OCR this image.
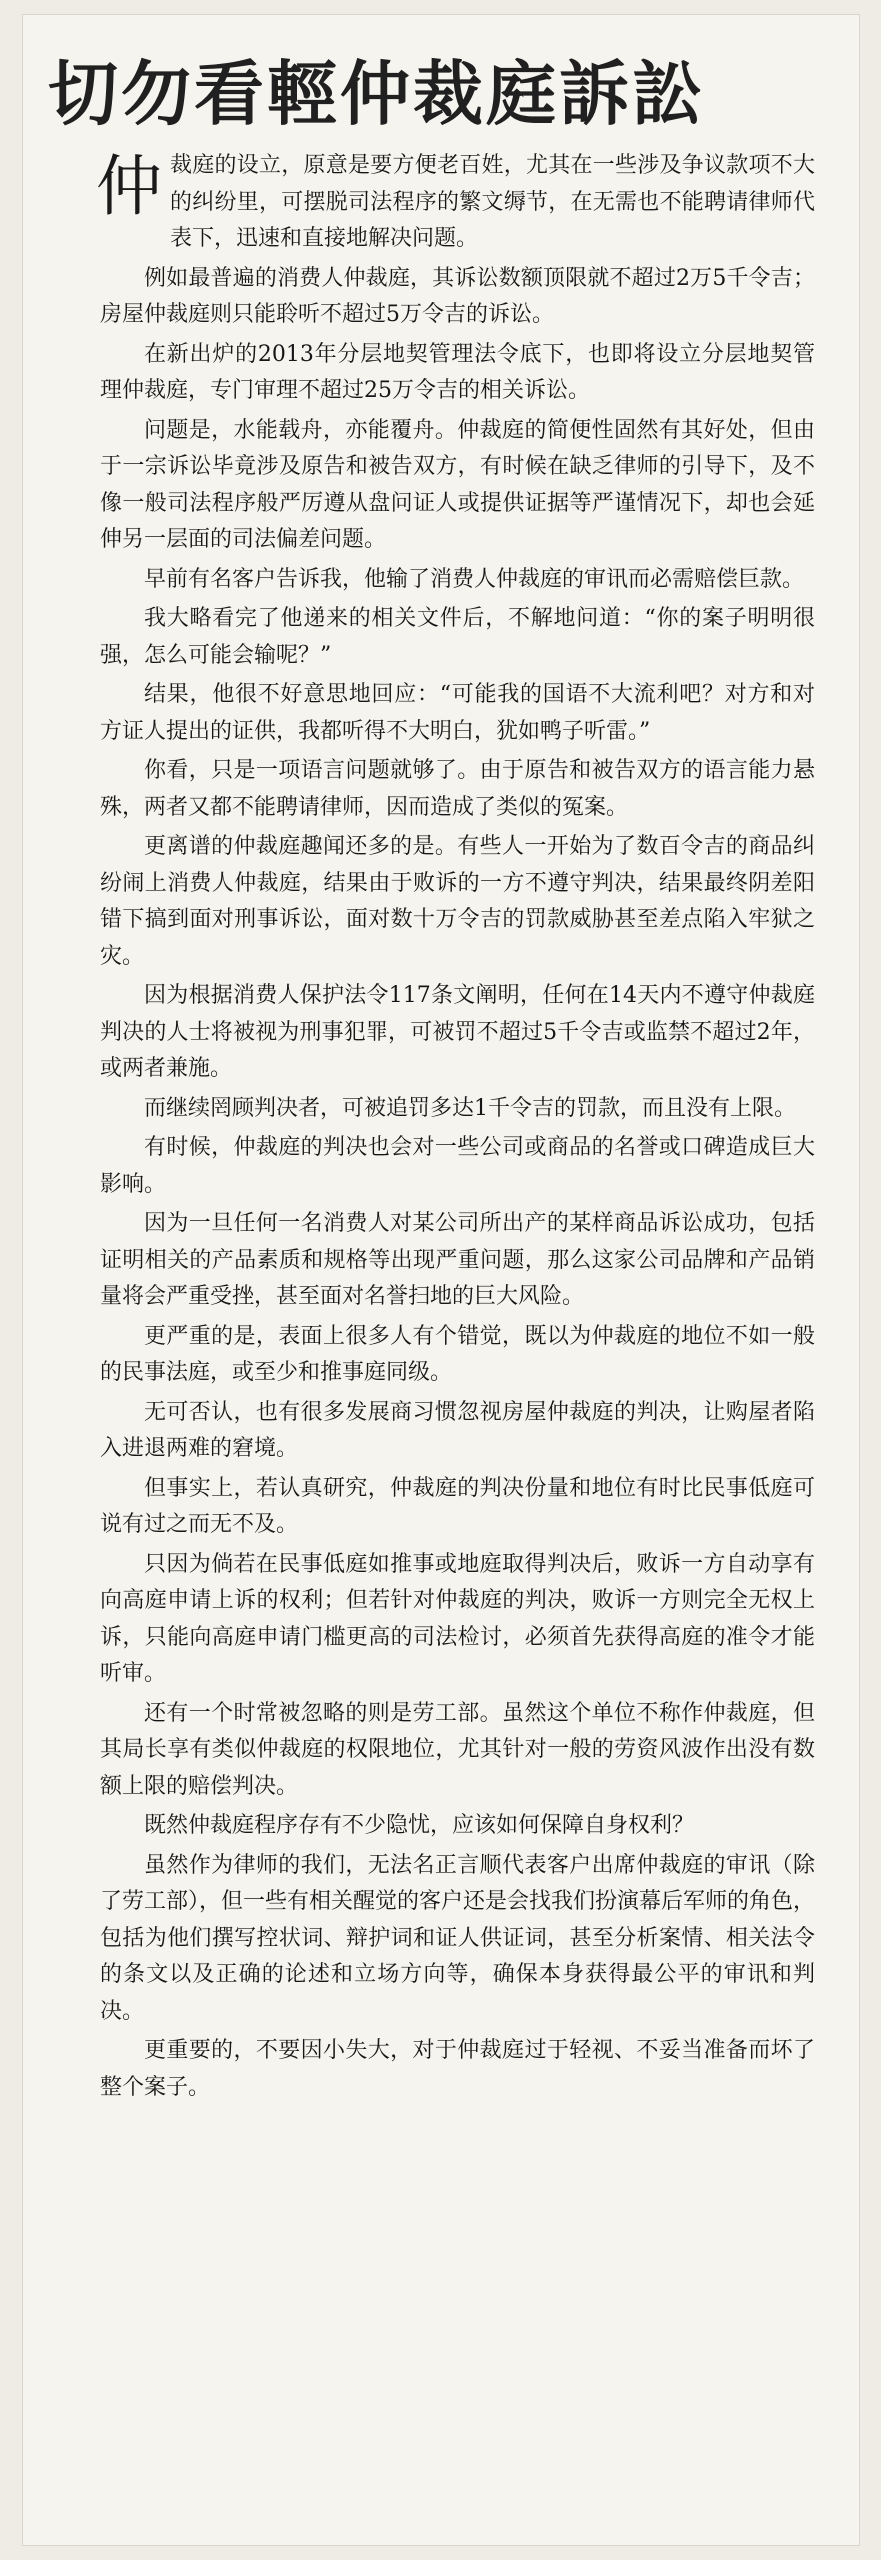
切勿看輕仲裁庭訴訟

仲裁庭的设立，原意是要方便老百姓，尤其在一些涉及争议款项不大的纠纷里，可摆脱司法程序的繁文缛节，在无需也不能聘请律师代表下，迅速和直接地解决问题。

例如最普遍的消费人仲裁庭，其诉讼数额顶限就不超过2万5千令吉；房屋仲裁庭则只能聆听不超过5万令吉的诉讼。

在新出炉的2013年分层地契管理法令底下，也即将设立分层地契管理仲裁庭，专门审理不超过25万令吉的相关诉讼。

问题是，水能载舟，亦能覆舟。仲裁庭的简便性固然有其好处，但由于一宗诉讼毕竟涉及原告和被告双方，有时候在缺乏律师的引导下，及不像一般司法程序般严厉遵从盘问证人或提供证据等严谨情况下，却也会延伸另一层面的司法偏差问题。

早前有名客户告诉我，他输了消费人仲裁庭的审讯而必需赔偿巨款。

我大略看完了他递来的相关文件后，不解地问道：“你的案子明明很强，怎么可能会输呢？”

结果，他很不好意思地回应：“可能我的国语不大流利吧？对方和对方证人提出的证供，我都听得不大明白，犹如鸭子听雷。”

你看，只是一项语言问题就够了。由于原告和被告双方的语言能力悬殊，两者又都不能聘请律师，因而造成了类似的冤案。

更离谱的仲裁庭趣闻还多的是。有些人一开始为了数百令吉的商品纠纷闹上消费人仲裁庭，结果由于败诉的一方不遵守判决，结果最终阴差阳错下搞到面对刑事诉讼，面对数十万令吉的罚款威胁甚至差点陷入牢狱之灾。

因为根据消费人保护法令117条文阐明，任何在14天内不遵守仲裁庭判决的人士将被视为刑事犯罪，可被罚不超过5千令吉或监禁不超过2年，或两者兼施。

而继续罔顾判决者，可被追罚多达1千令吉的罚款，而且没有上限。

有时候，仲裁庭的判决也会对一些公司或商品的名誉或口碑造成巨大影响。

因为一旦任何一名消费人对某公司所出产的某样商品诉讼成功，包括证明相关的产品素质和规格等出现严重问题，那么这家公司品牌和产品销量将会严重受挫，甚至面对名誉扫地的巨大风险。

更严重的是，表面上很多人有个错觉，既以为仲裁庭的地位不如一般的民事法庭，或至少和推事庭同级。

无可否认，也有很多发展商习惯忽视房屋仲裁庭的判决，让购屋者陷入进退两难的窘境。

但事实上，若认真研究，仲裁庭的判决份量和地位有时比民事低庭可说有过之而无不及。

只因为倘若在民事低庭如推事或地庭取得判决后，败诉一方自动享有向高庭申请上诉的权利；但若针对仲裁庭的判决，败诉一方则完全无权上诉，只能向高庭申请门槛更高的司法检讨，必须首先获得高庭的准令才能听审。

还有一个时常被忽略的则是劳工部。虽然这个单位不称作仲裁庭，但其局长享有类似仲裁庭的权限地位，尤其针对一般的劳资风波作出没有数额上限的赔偿判决。

既然仲裁庭程序存有不少隐忧，应该如何保障自身权利？

虽然作为律师的我们，无法名正言顺代表客户出席仲裁庭的审讯（除了劳工部），但一些有相关醒觉的客户还是会找我们扮演幕后军师的角色，包括为他们撰写控状词、辩护词和证人供证词，甚至分析案情、相关法令的条文以及正确的论述和立场方向等，确保本身获得最公平的审讯和判决。

更重要的，不要因小失大，对于仲裁庭过于轻视、不妥当准备而坏了整个案子。
